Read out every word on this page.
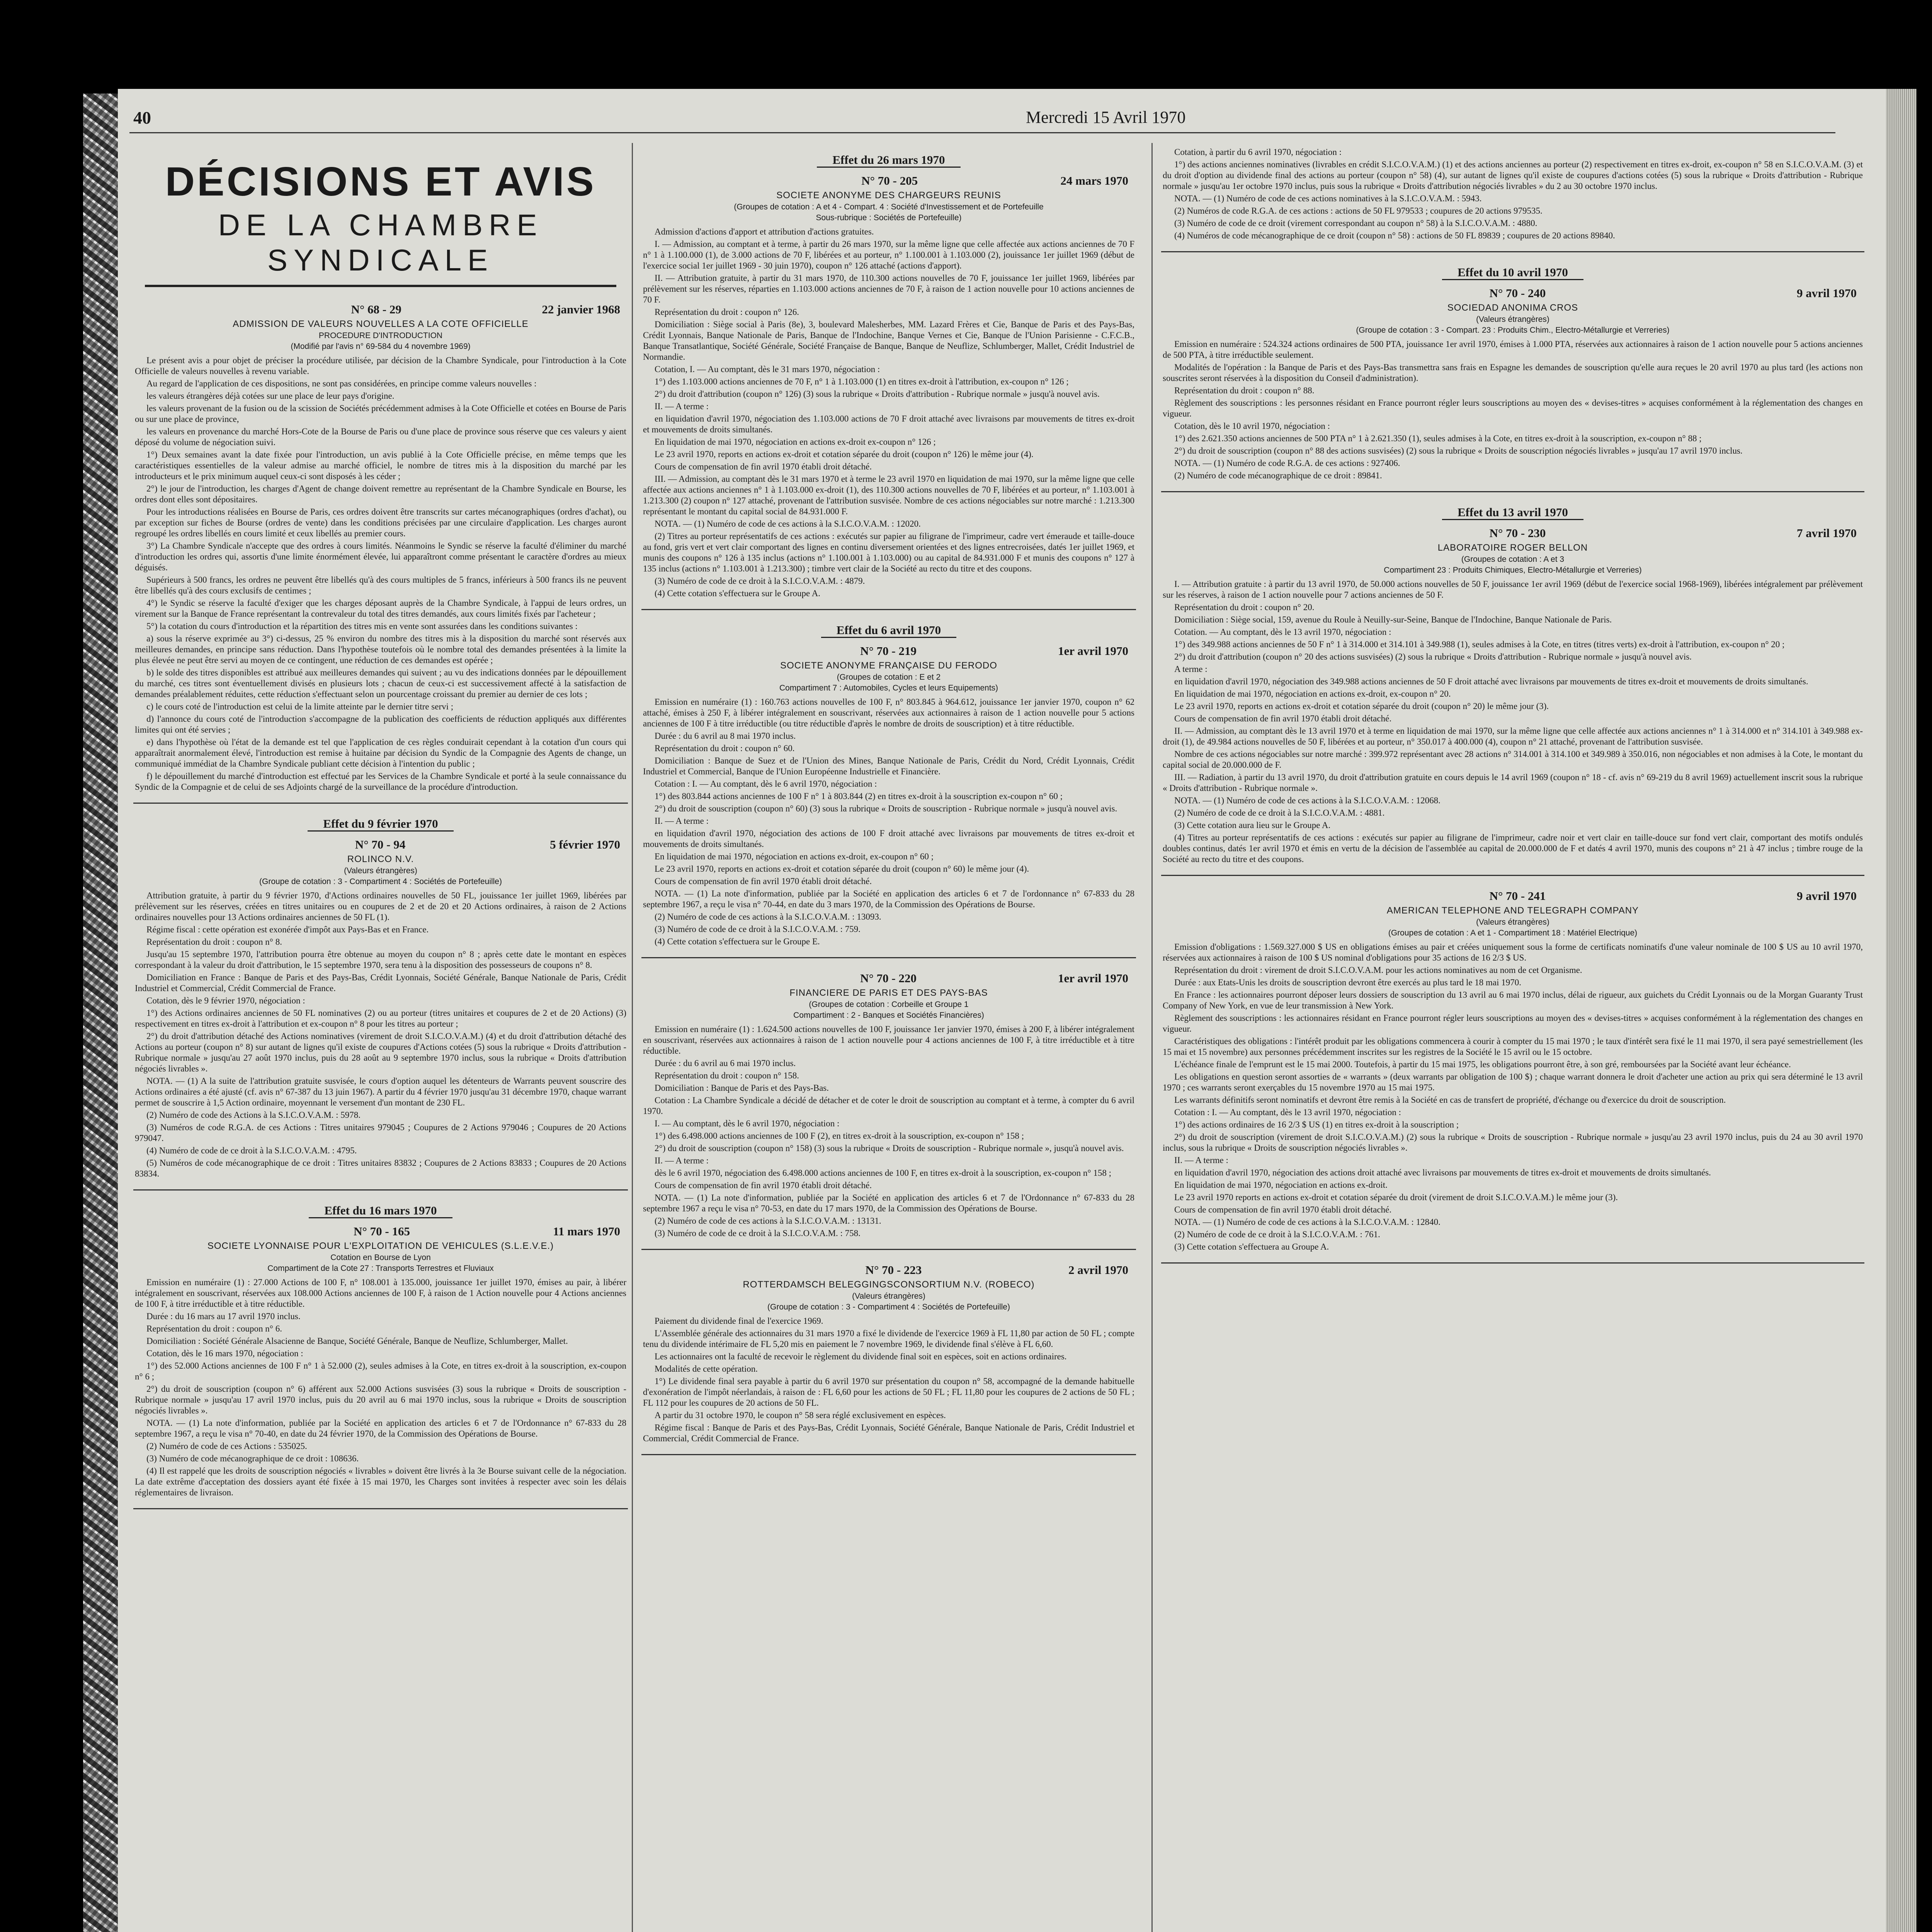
40	Mercredi 15 Avril 1970
DÉCISIONS ET AVIS
DE LA CHAMBRE SYNDICALE
N° 68 - 29	22 janvier 1968
ADMISSION DE VALEURS NOUVELLES A LA COTE OFFICIELLE
PROCEDURE D'INTRODUCTION
(Modifié par l'avis n° 69-584 du 4 novembre 1969)

Le présent avis a pour objet de préciser la procédure utilisée, par décision de la Chambre Syndicale, pour l'introduction à la Cote Officielle de valeurs nouvelles à revenu variable.

Au regard de l'application de ces dispositions, ne sont pas considérées, en principe comme valeurs nouvelles :

les valeurs étrangères déjà cotées sur une place de leur pays d'origine.

les valeurs provenant de la fusion ou de la scission de Sociétés précédemment admises à la Cote Officielle et cotées en Bourse de Paris ou sur une place de province,

les valeurs en provenance du marché Hors-Cote de la Bourse de Paris ou d'une place de province sous réserve que ces valeurs y aient déposé du volume de négociation suivi.

1°) Deux semaines avant la date fixée pour l'introduction, un avis publié à la Cote Officielle précise, en même temps que les caractéristiques essentielles de la valeur admise au marché officiel, le nombre de titres mis à la disposition du marché par les introducteurs et le prix minimum auquel ceux-ci sont disposés à les céder ;

2°) le jour de l'introduction, les charges d'Agent de change doivent remettre au représentant de la Chambre Syndicale en Bourse, les ordres dont elles sont dépositaires.

Pour les introductions réalisées en Bourse de Paris, ces ordres doivent être transcrits sur cartes mécanographiques (ordres d'achat), ou par exception sur fiches de Bourse (ordres de vente) dans les conditions précisées par une circulaire d'application. Les charges auront regroupé les ordres libellés en cours limité et ceux libellés au premier cours.

3°) La Chambre Syndicale n'accepte que des ordres à cours limités. Néanmoins le Syndic se réserve la faculté d'éliminer du marché d'introduction les ordres qui, assortis d'une limite énormément élevée, lui apparaîtront comme présentant le caractère d'ordres au mieux déguisés.

Supérieurs à 500 francs, les ordres ne peuvent être libellés qu'à des cours multiples de 5 francs, inférieurs à 500 francs ils ne peuvent être libellés qu'à des cours exclusifs de centimes ;

4°) le Syndic se réserve la faculté d'exiger que les charges déposant auprès de la Chambre Syndicale, à l'appui de leurs ordres, un virement sur la Banque de France représentant la contrevaleur du total des titres demandés, aux cours limités fixés par l'acheteur ;

5°) la cotation du cours d'introduction et la répartition des titres mis en vente sont assurées dans les conditions suivantes :

a) sous la réserve exprimée au 3°) ci-dessus, 25 % environ du nombre des titres mis à la disposition du marché sont réservés aux meilleures demandes, en principe sans réduction. Dans l'hypothèse toutefois où le nombre total des demandes présentées à la limite la plus élevée ne peut être servi au moyen de ce contingent, une réduction de ces demandes est opérée ;

b) le solde des titres disponibles est attribué aux meilleures demandes qui suivent ; au vu des indications données par le dépouillement du marché, ces titres sont éventuellement divisés en plusieurs lots ; chacun de ceux-ci est successivement affecté à la satisfaction de demandes préalablement réduites, cette réduction s'effectuant selon un pourcentage croissant du premier au dernier de ces lots ;

c) le cours coté de l'introduction est celui de la limite atteinte par le dernier titre servi ;

d) l'annonce du cours coté de l'introduction s'accompagne de la publication des coefficients de réduction appliqués aux différentes limites qui ont été servies ;

e) dans l'hypothèse où l'état de la demande est tel que l'application de ces règles conduirait cependant à la cotation d'un cours qui apparaîtrait anormalement élevé, l'introduction est remise à huitaine par décision du Syndic de la Compagnie des Agents de change, un communiqué immédiat de la Chambre Syndicale publiant cette décision à l'intention du public ;

f) le dépouillement du marché d'introduction est effectué par les Services de la Chambre Syndicale et porté à la seule connaissance du Syndic de la Compagnie et de celui de ses Adjoints chargé de la surveillance de la procédure d'introduction.

Effet du 9 février 1970
N° 70 - 94	5 février 1970
ROLINCO N.V.
(Valeurs étrangères)
(Groupe de cotation : 3 - Compartiment 4 : Sociétés de Portefeuille)

Attribution gratuite, à partir du 9 février 1970, d'Actions ordinaires nouvelles de 50 FL, jouissance 1er juillet 1969, libérées par prélèvement sur les réserves, créées en titres unitaires ou en coupures de 2 et de 20 et 20 Actions ordinaires, à raison de 2 Actions ordinaires nouvelles pour 13 Actions ordinaires anciennes de 50 FL (1).

Régime fiscal : cette opération est exonérée d'impôt aux Pays-Bas et en France.

Représentation du droit : coupon n° 8.

Jusqu'au 15 septembre 1970, l'attribution pourra être obtenue au moyen du coupon n° 8 ; après cette date le montant en espèces correspondant à la valeur du droit d'attribution, le 15 septembre 1970, sera tenu à la disposition des possesseurs de coupons n° 8.

Domiciliation en France : Banque de Paris et des Pays-Bas, Crédit Lyonnais, Société Générale, Banque Nationale de Paris, Crédit Industriel et Commercial, Crédit Commercial de France.

Cotation, dès le 9 février 1970, négociation :

1°) des Actions ordinaires anciennes de 50 FL nominatives (2) ou au porteur (titres unitaires et coupures de 2 et de 20 Actions) (3) respectivement en titres ex-droit à l'attribution et ex-coupon n° 8 pour les titres au porteur ;

2°) du droit d'attribution détaché des Actions nominatives (virement de droit S.I.C.O.V.A.M.) (4) et du droit d'attribution détaché des Actions au porteur (coupon n° 8) sur autant de lignes qu'il existe de coupures d'Actions cotées (5) sous la rubrique « Droits d'attribution - Rubrique normale » jusqu'au 27 août 1970 inclus, puis du 28 août au 9 septembre 1970 inclus, sous la rubrique « Droits d'attribution négociés livrables ».

NOTA. — (1) A la suite de l'attribution gratuite susvisée, le cours d'option auquel les détenteurs de Warrants peuvent souscrire des Actions ordinaires a été ajusté (cf. avis n° 67-387 du 13 juin 1967). A partir du 4 février 1970 jusqu'au 31 décembre 1970, chaque warrant permet de souscrire à 1,5 Action ordinaire, moyennant le versement d'un montant de 230 FL.

(2) Numéro de code des Actions à la S.I.C.O.V.A.M. : 5978.

(3) Numéros de code R.G.A. de ces Actions : Titres unitaires 979045 ; Coupures de 2 Actions 979046 ; Coupures de 20 Actions 979047.

(4) Numéro de code de ce droit à la S.I.C.O.V.A.M. : 4795.

(5) Numéros de code mécanographique de ce droit : Titres unitaires 83832 ; Coupures de 2 Actions 83833 ; Coupures de 20 Actions 83834.

Effet du 16 mars 1970
N° 70 - 165	11 mars 1970
SOCIETE LYONNAISE POUR L'EXPLOITATION DE VEHICULES (S.L.E.V.E.)
Cotation en Bourse de Lyon
Compartiment de la Cote 27 : Transports Terrestres et Fluviaux

Emission en numéraire (1) : 27.000 Actions de 100 F, n° 108.001 à 135.000, jouissance 1er juillet 1970, émises au pair, à libérer intégralement en souscrivant, réservées aux 108.000 Actions anciennes de 100 F, à raison de 1 Action nouvelle pour 4 Actions anciennes de 100 F, à titre irréductible et à titre réductible.

Durée : du 16 mars au 17 avril 1970 inclus.

Représentation du droit : coupon n° 6.

Domiciliation : Société Générale Alsacienne de Banque, Société Générale, Banque de Neuflize, Schlumberger, Mallet.

Cotation, dès le 16 mars 1970, négociation :

1°) des 52.000 Actions anciennes de 100 F n° 1 à 52.000 (2), seules admises à la Cote, en titres ex-droit à la souscription, ex-coupon n° 6 ;

2°) du droit de souscription (coupon n° 6) afférent aux 52.000 Actions susvisées (3) sous la rubrique « Droits de souscription - Rubrique normale » jusqu'au 17 avril 1970 inclus, puis du 20 avril au 6 mai 1970 inclus, sous la rubrique « Droits de souscription négociés livrables ».

NOTA. — (1) La note d'information, publiée par la Société en application des articles 6 et 7 de l'Ordonnance n° 67-833 du 28 septembre 1967, a reçu le visa n° 70-40, en date du 24 février 1970, de la Commission des Opérations de Bourse.

(2) Numéro de code de ces Actions : 535025.

(3) Numéro de code mécanographique de ce droit : 108636.

(4) Il est rappelé que les droits de souscription négociés « livrables » doivent être livrés à la 3e Bourse suivant celle de la négociation. La date extrême d'acceptation des dossiers ayant été fixée à 15 mai 1970, les Charges sont invitées à respecter avec soin les délais réglementaires de livraison.

Effet du 26 mars 1970
N° 70 - 205	24 mars 1970
SOCIETE ANONYME DES CHARGEURS REUNIS
(Groupes de cotation : A et 4 - Compart. 4 : Société d'Investissement et de Portefeuille
Sous-rubrique : Sociétés de Portefeuille)

Admission d'actions d'apport et attribution d'actions gratuites.

I. — Admission, au comptant et à terme, à partir du 26 mars 1970, sur la même ligne que celle affectée aux actions anciennes de 70 F n° 1 à 1.100.000 (1), de 3.000 actions de 70 F, libérées et au porteur, n° 1.100.001 à 1.103.000 (2), jouissance 1er juillet 1969 (début de l'exercice social 1er juillet 1969 - 30 juin 1970), coupon n° 126 attaché (actions d'apport).

II. — Attribution gratuite, à partir du 31 mars 1970, de 110.300 actions nouvelles de 70 F, jouissance 1er juillet 1969, libérées par prélèvement sur les réserves, réparties en 1.103.000 actions anciennes de 70 F, à raison de 1 action nouvelle pour 10 actions anciennes de 70 F.

Représentation du droit : coupon n° 126.

Domiciliation : Siège social à Paris (8e), 3, boulevard Malesherbes, MM. Lazard Frères et Cie, Banque de Paris et des Pays-Bas, Crédit Lyonnais, Banque Nationale de Paris, Banque de l'Indochine, Banque Vernes et Cie, Banque de l'Union Parisienne - C.F.C.B., Banque Transatlantique, Société Générale, Société Française de Banque, Banque de Neuflize, Schlumberger, Mallet, Crédit Industriel de Normandie.

Cotation, I. — Au comptant, dès le 31 mars 1970, négociation :

1°) des 1.103.000 actions anciennes de 70 F, n° 1 à 1.103.000 (1) en titres ex-droit à l'attribution, ex-coupon n° 126 ;

2°) du droit d'attribution (coupon n° 126) (3) sous la rubrique « Droits d'attribution - Rubrique normale » jusqu'à nouvel avis.

II. — A terme :

en liquidation d'avril 1970, négociation des 1.103.000 actions de 70 F droit attaché avec livraisons par mouvements de titres ex-droit et mouvements de droits simultanés.

En liquidation de mai 1970, négociation en actions ex-droit ex-coupon n° 126 ;

Le 23 avril 1970, reports en actions ex-droit et cotation séparée du droit (coupon n° 126) le même jour (4).

Cours de compensation de fin avril 1970 établi droit détaché.

III. — Admission, au comptant dès le 31 mars 1970 et à terme le 23 avril 1970 en liquidation de mai 1970, sur la même ligne que celle affectée aux actions anciennes n° 1 à 1.103.000 ex-droit (1), des 110.300 actions nouvelles de 70 F, libérées et au porteur, n° 1.103.001 à 1.213.300 (2) coupon n° 127 attaché, provenant de l'attribution susvisée. Nombre de ces actions négociables sur notre marché : 1.213.300 représentant le montant du capital social de 84.931.000 F.

NOTA. — (1) Numéro de code de ces actions à la S.I.C.O.V.A.M. : 12020.

(2) Titres au porteur représentatifs de ces actions : exécutés sur papier au filigrane de l'imprimeur, cadre vert émeraude et taille-douce au fond, gris vert et vert clair comportant des lignes en continu diversement orientées et des lignes entrecroisées, datés 1er juillet 1969, et munis des coupons n° 126 à 135 inclus (actions n° 1.100.001 à 1.103.000) ou au capital de 84.931.000 F et munis des coupons n° 127 à 135 inclus (actions n° 1.103.001 à 1.213.300) ; timbre vert clair de la Société au recto du titre et des coupons.

(3) Numéro de code de ce droit à la S.I.C.O.V.A.M. : 4879.

(4) Cette cotation s'effectuera sur le Groupe A.

Effet du 6 avril 1970
N° 70 - 219	1er avril 1970
SOCIETE ANONYME FRANÇAISE DU FERODO
(Groupes de cotation : E et 2
Compartiment 7 : Automobiles, Cycles et leurs Equipements)

Emission en numéraire (1) : 160.763 actions nouvelles de 100 F, n° 803.845 à 964.612, jouissance 1er janvier 1970, coupon n° 62 attaché, émises à 250 F, à libérer intégralement en souscrivant, réservées aux actionnaires à raison de 1 action nouvelle pour 5 actions anciennes de 100 F à titre irréductible (ou titre réductible d'après le nombre de droits de souscription) et à titre réductible.

Durée : du 6 avril au 8 mai 1970 inclus.

Représentation du droit : coupon n° 60.

Domiciliation : Banque de Suez et de l'Union des Mines, Banque Nationale de Paris, Crédit du Nord, Crédit Lyonnais, Crédit Industriel et Commercial, Banque de l'Union Européenne Industrielle et Financière.

Cotation : I. — Au comptant, dès le 6 avril 1970, négociation :

1°) des 803.844 actions anciennes de 100 F n° 1 à 803.844 (2) en titres ex-droit à la souscription ex-coupon n° 60 ;

2°) du droit de souscription (coupon n° 60) (3) sous la rubrique « Droits de souscription - Rubrique normale » jusqu'à nouvel avis.

II. — A terme :

en liquidation d'avril 1970, négociation des actions de 100 F droit attaché avec livraisons par mouvements de titres ex-droit et mouvements de droits simultanés.

En liquidation de mai 1970, négociation en actions ex-droit, ex-coupon n° 60 ;

Le 23 avril 1970, reports en actions ex-droit et cotation séparée du droit (coupon n° 60) le même jour (4).

Cours de compensation de fin avril 1970 établi droit détaché.

NOTA. — (1) La note d'information, publiée par la Société en application des articles 6 et 7 de l'ordonnance n° 67-833 du 28 septembre 1967, a reçu le visa n° 70-44, en date du 3 mars 1970, de la Commission des Opérations de Bourse.

(2) Numéro de code de ces actions à la S.I.C.O.V.A.M. : 13093.

(3) Numéro de code de ce droit à la S.I.C.O.V.A.M. : 759.

(4) Cette cotation s'effectuera sur le Groupe E.

N° 70 - 220	1er avril 1970
FINANCIERE DE PARIS ET DES PAYS-BAS
(Groupes de cotation : Corbeille et Groupe 1
Compartiment : 2 - Banques et Sociétés Financières)

Emission en numéraire (1) : 1.624.500 actions nouvelles de 100 F, jouissance 1er janvier 1970, émises à 200 F, à libérer intégralement en souscrivant, réservées aux actionnaires à raison de 1 action nouvelle pour 4 actions anciennes de 100 F, à titre irréductible et à titre réductible.

Durée : du 6 avril au 6 mai 1970 inclus.

Représentation du droit : coupon n° 158.

Domiciliation : Banque de Paris et des Pays-Bas.

Cotation : La Chambre Syndicale a décidé de détacher et de coter le droit de souscription au comptant et à terme, à compter du 6 avril 1970.

I. — Au comptant, dès le 6 avril 1970, négociation :

1°) des 6.498.000 actions anciennes de 100 F (2), en titres ex-droit à la souscription, ex-coupon n° 158 ;

2°) du droit de souscription (coupon n° 158) (3) sous la rubrique « Droits de souscription - Rubrique normale », jusqu'à nouvel avis.

II. — A terme :

dès le 6 avril 1970, négociation des 6.498.000 actions anciennes de 100 F, en titres ex-droit à la souscription, ex-coupon n° 158 ;

Cours de compensation de fin avril 1970 établi droit détaché.

NOTA. — (1) La note d'information, publiée par la Société en application des articles 6 et 7 de l'Ordonnance n° 67-833 du 28 septembre 1967 a reçu le visa n° 70-53, en date du 17 mars 1970, de la Commission des Opérations de Bourse.

(2) Numéro de code de ces actions à la S.I.C.O.V.A.M. : 13131.

(3) Numéro de code de ce droit à la S.I.C.O.V.A.M. : 758.

N° 70 - 223	2 avril 1970
ROTTERDAMSCH BELEGGINGSCONSORTIUM N.V. (ROBECO)
(Valeurs étrangères)
(Groupe de cotation : 3 - Compartiment 4 : Sociétés de Portefeuille)

Paiement du dividende final de l'exercice 1969.

L'Assemblée générale des actionnaires du 31 mars 1970 a fixé le dividende de l'exercice 1969 à FL 11,80 par action de 50 FL ; compte tenu du dividende intérimaire de FL 5,20 mis en paiement le 7 novembre 1969, le dividende final s'élève à FL 6,60.

Les actionnaires ont la faculté de recevoir le règlement du dividende final soit en espèces, soit en actions ordinaires.

Modalités de cette opération.

1°) Le dividende final sera payable à partir du 6 avril 1970 sur présentation du coupon n° 58, accompagné de la demande habituelle d'exonération de l'impôt néerlandais, à raison de : FL 6,60 pour les actions de 50 FL ; FL 11,80 pour les coupures de 2 actions de 50 FL ; FL 112 pour les coupures de 20 actions de 50 FL.

A partir du 31 octobre 1970, le coupon n° 58 sera réglé exclusivement en espèces.

Régime fiscal : Banque de Paris et des Pays-Bas, Crédit Lyonnais, Société Générale, Banque Nationale de Paris, Crédit Industriel et Commercial, Crédit Commercial de France.

Cotation, à partir du 6 avril 1970, négociation :

1°) des actions anciennes nominatives (livrables en crédit S.I.C.O.V.A.M.) (1) et des actions anciennes au porteur (2) respectivement en titres ex-droit, ex-coupon n° 58 en S.I.C.O.V.A.M. (3) et du droit d'option au dividende final des actions au porteur (coupon n° 58) (4), sur autant de lignes qu'il existe de coupures d'actions cotées (5) sous la rubrique « Droits d'attribution - Rubrique normale » jusqu'au 1er octobre 1970 inclus, puis sous la rubrique « Droits d'attribution négociés livrables » du 2 au 30 octobre 1970 inclus.

NOTA. — (1) Numéro de code de ces actions nominatives à la S.I.C.O.V.A.M. : 5943.

(2) Numéros de code R.G.A. de ces actions : actions de 50 FL 979533 ; coupures de 20 actions 979535.

(3) Numéro de code de ce droit (virement correspondant au coupon n° 58) à la S.I.C.O.V.A.M. : 4880.

(4) Numéros de code mécanographique de ce droit (coupon n° 58) : actions de 50 FL 89839 ; coupures de 20 actions 89840.

Effet du 10 avril 1970
N° 70 - 240	9 avril 1970
SOCIEDAD ANONIMA CROS
(Valeurs étrangères)
(Groupe de cotation : 3 - Compart. 23 : Produits Chim., Electro-Métallurgie et Verreries)

Emission en numéraire : 524.324 actions ordinaires de 500 PTA, jouissance 1er avril 1970, émises à 1.000 PTA, réservées aux actionnaires à raison de 1 action nouvelle pour 5 actions anciennes de 500 PTA, à titre irréductible seulement.

Modalités de l'opération : la Banque de Paris et des Pays-Bas transmettra sans frais en Espagne les demandes de souscription qu'elle aura reçues le 20 avril 1970 au plus tard (les actions non souscrites seront réservées à la disposition du Conseil d'administration).

Représentation du droit : coupon n° 88.

Règlement des souscriptions : les personnes résidant en France pourront régler leurs souscriptions au moyen des « devises-titres » acquises conformément à la réglementation des changes en vigueur.

Cotation, dès le 10 avril 1970, négociation :

1°) des 2.621.350 actions anciennes de 500 PTA n° 1 à 2.621.350 (1), seules admises à la Cote, en titres ex-droit à la souscription, ex-coupon n° 88 ;

2°) du droit de souscription (coupon n° 88 des actions susvisées) (2) sous la rubrique « Droits de souscription négociés livrables » jusqu'au 17 avril 1970 inclus.

NOTA. — (1) Numéro de code R.G.A. de ces actions : 927406.

(2) Numéro de code mécanographique de ce droit : 89841.

Effet du 13 avril 1970
N° 70 - 230	7 avril 1970
LABORATOIRE ROGER BELLON
(Groupes de cotation : A et 3
Compartiment 23 : Produits Chimiques, Electro-Métallurgie et Verreries)

I. — Attribution gratuite : à partir du 13 avril 1970, de 50.000 actions nouvelles de 50 F, jouissance 1er avril 1969 (début de l'exercice social 1968-1969), libérées intégralement par prélèvement sur les réserves, à raison de 1 action nouvelle pour 7 actions anciennes de 50 F.

Représentation du droit : coupon n° 20.

Domiciliation : Siège social, 159, avenue du Roule à Neuilly-sur-Seine, Banque de l'Indochine, Banque Nationale de Paris.

Cotation. — Au comptant, dès le 13 avril 1970, négociation :

1°) des 349.988 actions anciennes de 50 F n° 1 à 314.000 et 314.101 à 349.988 (1), seules admises à la Cote, en titres (titres verts) ex-droit à l'attribution, ex-coupon n° 20 ;

2°) du droit d'attribution (coupon n° 20 des actions susvisées) (2) sous la rubrique « Droits d'attribution - Rubrique normale » jusqu'à nouvel avis.

A terme :

en liquidation d'avril 1970, négociation des 349.988 actions anciennes de 50 F droit attaché avec livraisons par mouvements de titres ex-droit et mouvements de droits simultanés.

En liquidation de mai 1970, négociation en actions ex-droit, ex-coupon n° 20.

Le 23 avril 1970, reports en actions ex-droit et cotation séparée du droit (coupon n° 20) le même jour (3).

Cours de compensation de fin avril 1970 établi droit détaché.

II. — Admission, au comptant dès le 13 avril 1970 et à terme en liquidation de mai 1970, sur la même ligne que celle affectée aux actions anciennes n° 1 à 314.000 et n° 314.101 à 349.988 ex-droit (1), de 49.984 actions nouvelles de 50 F, libérées et au porteur, n° 350.017 à 400.000 (4), coupon n° 21 attaché, provenant de l'attribution susvisée.

Nombre de ces actions négociables sur notre marché : 399.972 représentant avec 28 actions n° 314.001 à 314.100 et 349.989 à 350.016, non négociables et non admises à la Cote, le montant du capital social de 20.000.000 de F.

III. — Radiation, à partir du 13 avril 1970, du droit d'attribution gratuite en cours depuis le 14 avril 1969 (coupon n° 18 - cf. avis n° 69-219 du 8 avril 1969) actuellement inscrit sous la rubrique « Droits d'attribution - Rubrique normale ».

NOTA. — (1) Numéro de code de ces actions à la S.I.C.O.V.A.M. : 12068.

(2) Numéro de code de ce droit à la S.I.C.O.V.A.M. : 4881.

(3) Cette cotation aura lieu sur le Groupe A.

(4) Titres au porteur représentatifs de ces actions : exécutés sur papier au filigrane de l'imprimeur, cadre noir et vert clair en taille-douce sur fond vert clair, comportant des motifs ondulés doubles continus, datés 1er avril 1970 et émis en vertu de la décision de l'assemblée au capital de 20.000.000 de F et datés 4 avril 1970, munis des coupons n° 21 à 47 inclus ; timbre rouge de la Société au recto du titre et des coupons.

N° 70 - 241	9 avril 1970
AMERICAN TELEPHONE AND TELEGRAPH COMPANY
(Valeurs étrangères)
(Groupes de cotation : A et 1 - Compartiment 18 : Matériel Electrique)

Emission d'obligations : 1.569.327.000 $ US en obligations émises au pair et créées uniquement sous la forme de certificats nominatifs d'une valeur nominale de 100 $ US au 10 avril 1970, réservées aux actionnaires à raison de 100 $ US nominal d'obligations pour 35 actions de 16 2/3 $ US.

Représentation du droit : virement de droit S.I.C.O.V.A.M. pour les actions nominatives au nom de cet Organisme.

Durée : aux Etats-Unis les droits de souscription devront être exercés au plus tard le 18 mai 1970.

En France : les actionnaires pourront déposer leurs dossiers de souscription du 13 avril au 6 mai 1970 inclus, délai de rigueur, aux guichets du Crédit Lyonnais ou de la Morgan Guaranty Trust Company of New York, en vue de leur transmission à New York.

Règlement des souscriptions : les actionnaires résidant en France pourront régler leurs souscriptions au moyen des « devises-titres » acquises conformément à la réglementation des changes en vigueur.

Caractéristiques des obligations : l'intérêt produit par les obligations commencera à courir à compter du 15 mai 1970 ; le taux d'intérêt sera fixé le 11 mai 1970, il sera payé semestriellement (les 15 mai et 15 novembre) aux personnes précédemment inscrites sur les registres de la Société le 15 avril ou le 15 octobre.

L'échéance finale de l'emprunt est le 15 mai 2000. Toutefois, à partir du 15 mai 1975, les obligations pourront être, à son gré, remboursées par la Société avant leur échéance.

Les obligations en question seront assorties de « warrants » (deux warrants par obligation de 100 $) ; chaque warrant donnera le droit d'acheter une action au prix qui sera déterminé le 13 avril 1970 ; ces warrants seront exerçables du 15 novembre 1970 au 15 mai 1975.

Les warrants définitifs seront nominatifs et devront être remis à la Société en cas de transfert de propriété, d'échange ou d'exercice du droit de souscription.

Cotation : I. — Au comptant, dès le 13 avril 1970, négociation :

1°) des actions ordinaires de 16 2/3 $ US (1) en titres ex-droit à la souscription ;

2°) du droit de souscription (virement de droit S.I.C.O.V.A.M.) (2) sous la rubrique « Droits de souscription - Rubrique normale » jusqu'au 23 avril 1970 inclus, puis du 24 au 30 avril 1970 inclus, sous la rubrique « Droits de souscription négociés livrables ».

II. — A terme :

en liquidation d'avril 1970, négociation des actions droit attaché avec livraisons par mouvements de titres ex-droit et mouvements de droits simultanés.

En liquidation de mai 1970, négociation en actions ex-droit.

Le 23 avril 1970 reports en actions ex-droit et cotation séparée du droit (virement de droit S.I.C.O.V.A.M.) le même jour (3).

Cours de compensation de fin avril 1970 établi droit détaché.

NOTA. — (1) Numéro de code de ces actions à la S.I.C.O.V.A.M. : 12840.

(2) Numéro de code de ce droit à la S.I.C.O.V.A.M. : 761.

(3) Cette cotation s'effectuera au Groupe A.
